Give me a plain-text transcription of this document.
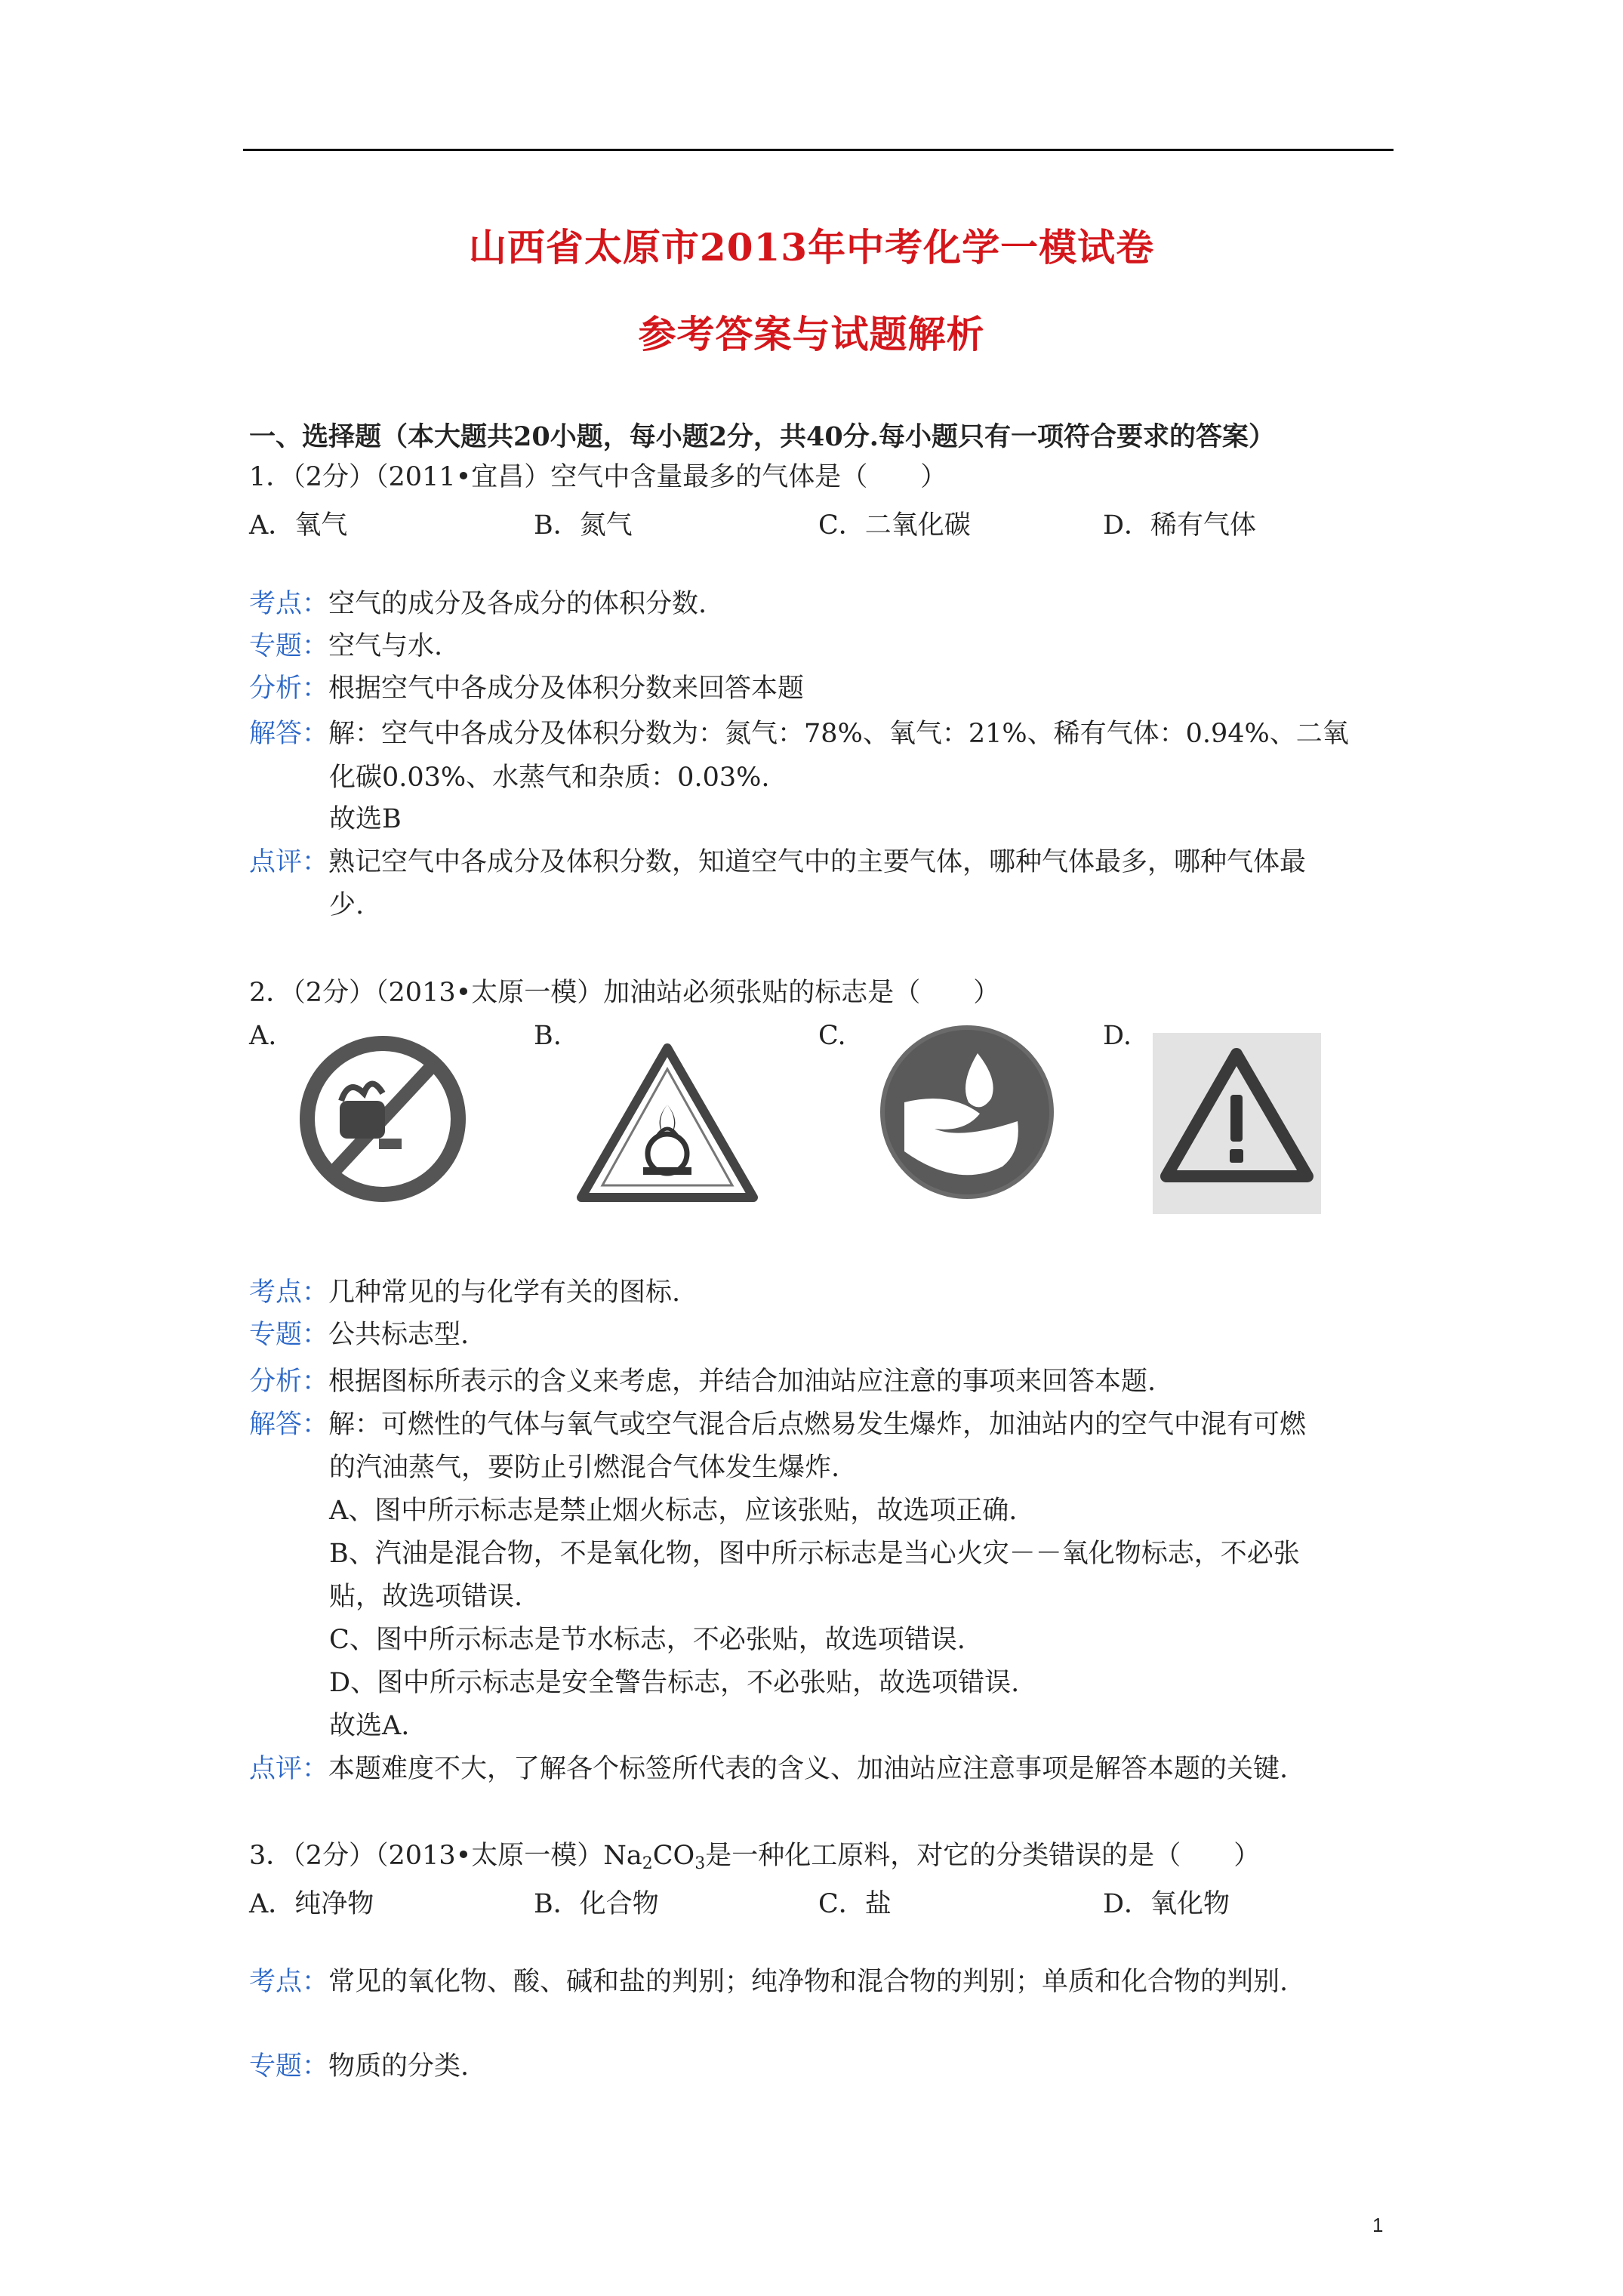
山西省太原市2013年中考化学一模试卷
参考答案与试题解析
一、选择题（本大题共20小题，每小题2分，共40分.每小题只有一项符合要求的答案）
1．（2分）（2011•宜昌）空气中含量最多的气体是（　　）
A．氧气	B．氮气	C．二氧化碳	D．稀有气体
考点：空气的成分及各成分的体积分数.
专题：空气与水.
分析：根据空气中各成分及体积分数来回答本题
解答：解：空气中各成分及体积分数为：氮气：78%、氧气：21%、稀有气体：0.94%、二氧
化碳0.03%、水蒸气和杂质：0.03%.
故选B
点评：熟记空气中各成分及体积分数，知道空气中的主要气体，哪种气体最多，哪种气体最
少.
2．（2分）（2013•太原一模）加油站必须张贴的标志是（　　）
A.	B.	C.	D.
考点：几种常见的与化学有关的图标.
专题：公共标志型.
分析：根据图标所表示的含义来考虑，并结合加油站应注意的事项来回答本题.
解答：解：可燃性的气体与氧气或空气混合后点燃易发生爆炸，加油站内的空气中混有可燃
的汽油蒸气，要防止引燃混合气体发生爆炸.
A、图中所示标志是禁止烟火标志，应该张贴，故选项正确.
B、汽油是混合物，不是氧化物，图中所示标志是当心火灾－－氧化物标志，不必张
贴，故选项错误.
C、图中所示标志是节水标志，不必张贴，故选项错误.
D、图中所示标志是安全警告标志，不必张贴，故选项错误.
故选A.
点评：本题难度不大，了解各个标签所代表的含义、加油站应注意事项是解答本题的关键.
3．（2分）（2013•太原一模）$Na_2CO_3$是一种化工原料，对它的分类错误的是（　　）
A．纯净物	B．化合物	C．盐	D．氧化物
考点：常见的氧化物、酸、碱和盐的判别；纯净物和混合物的判别；单质和化合物的判别.
专题：物质的分类.
1
